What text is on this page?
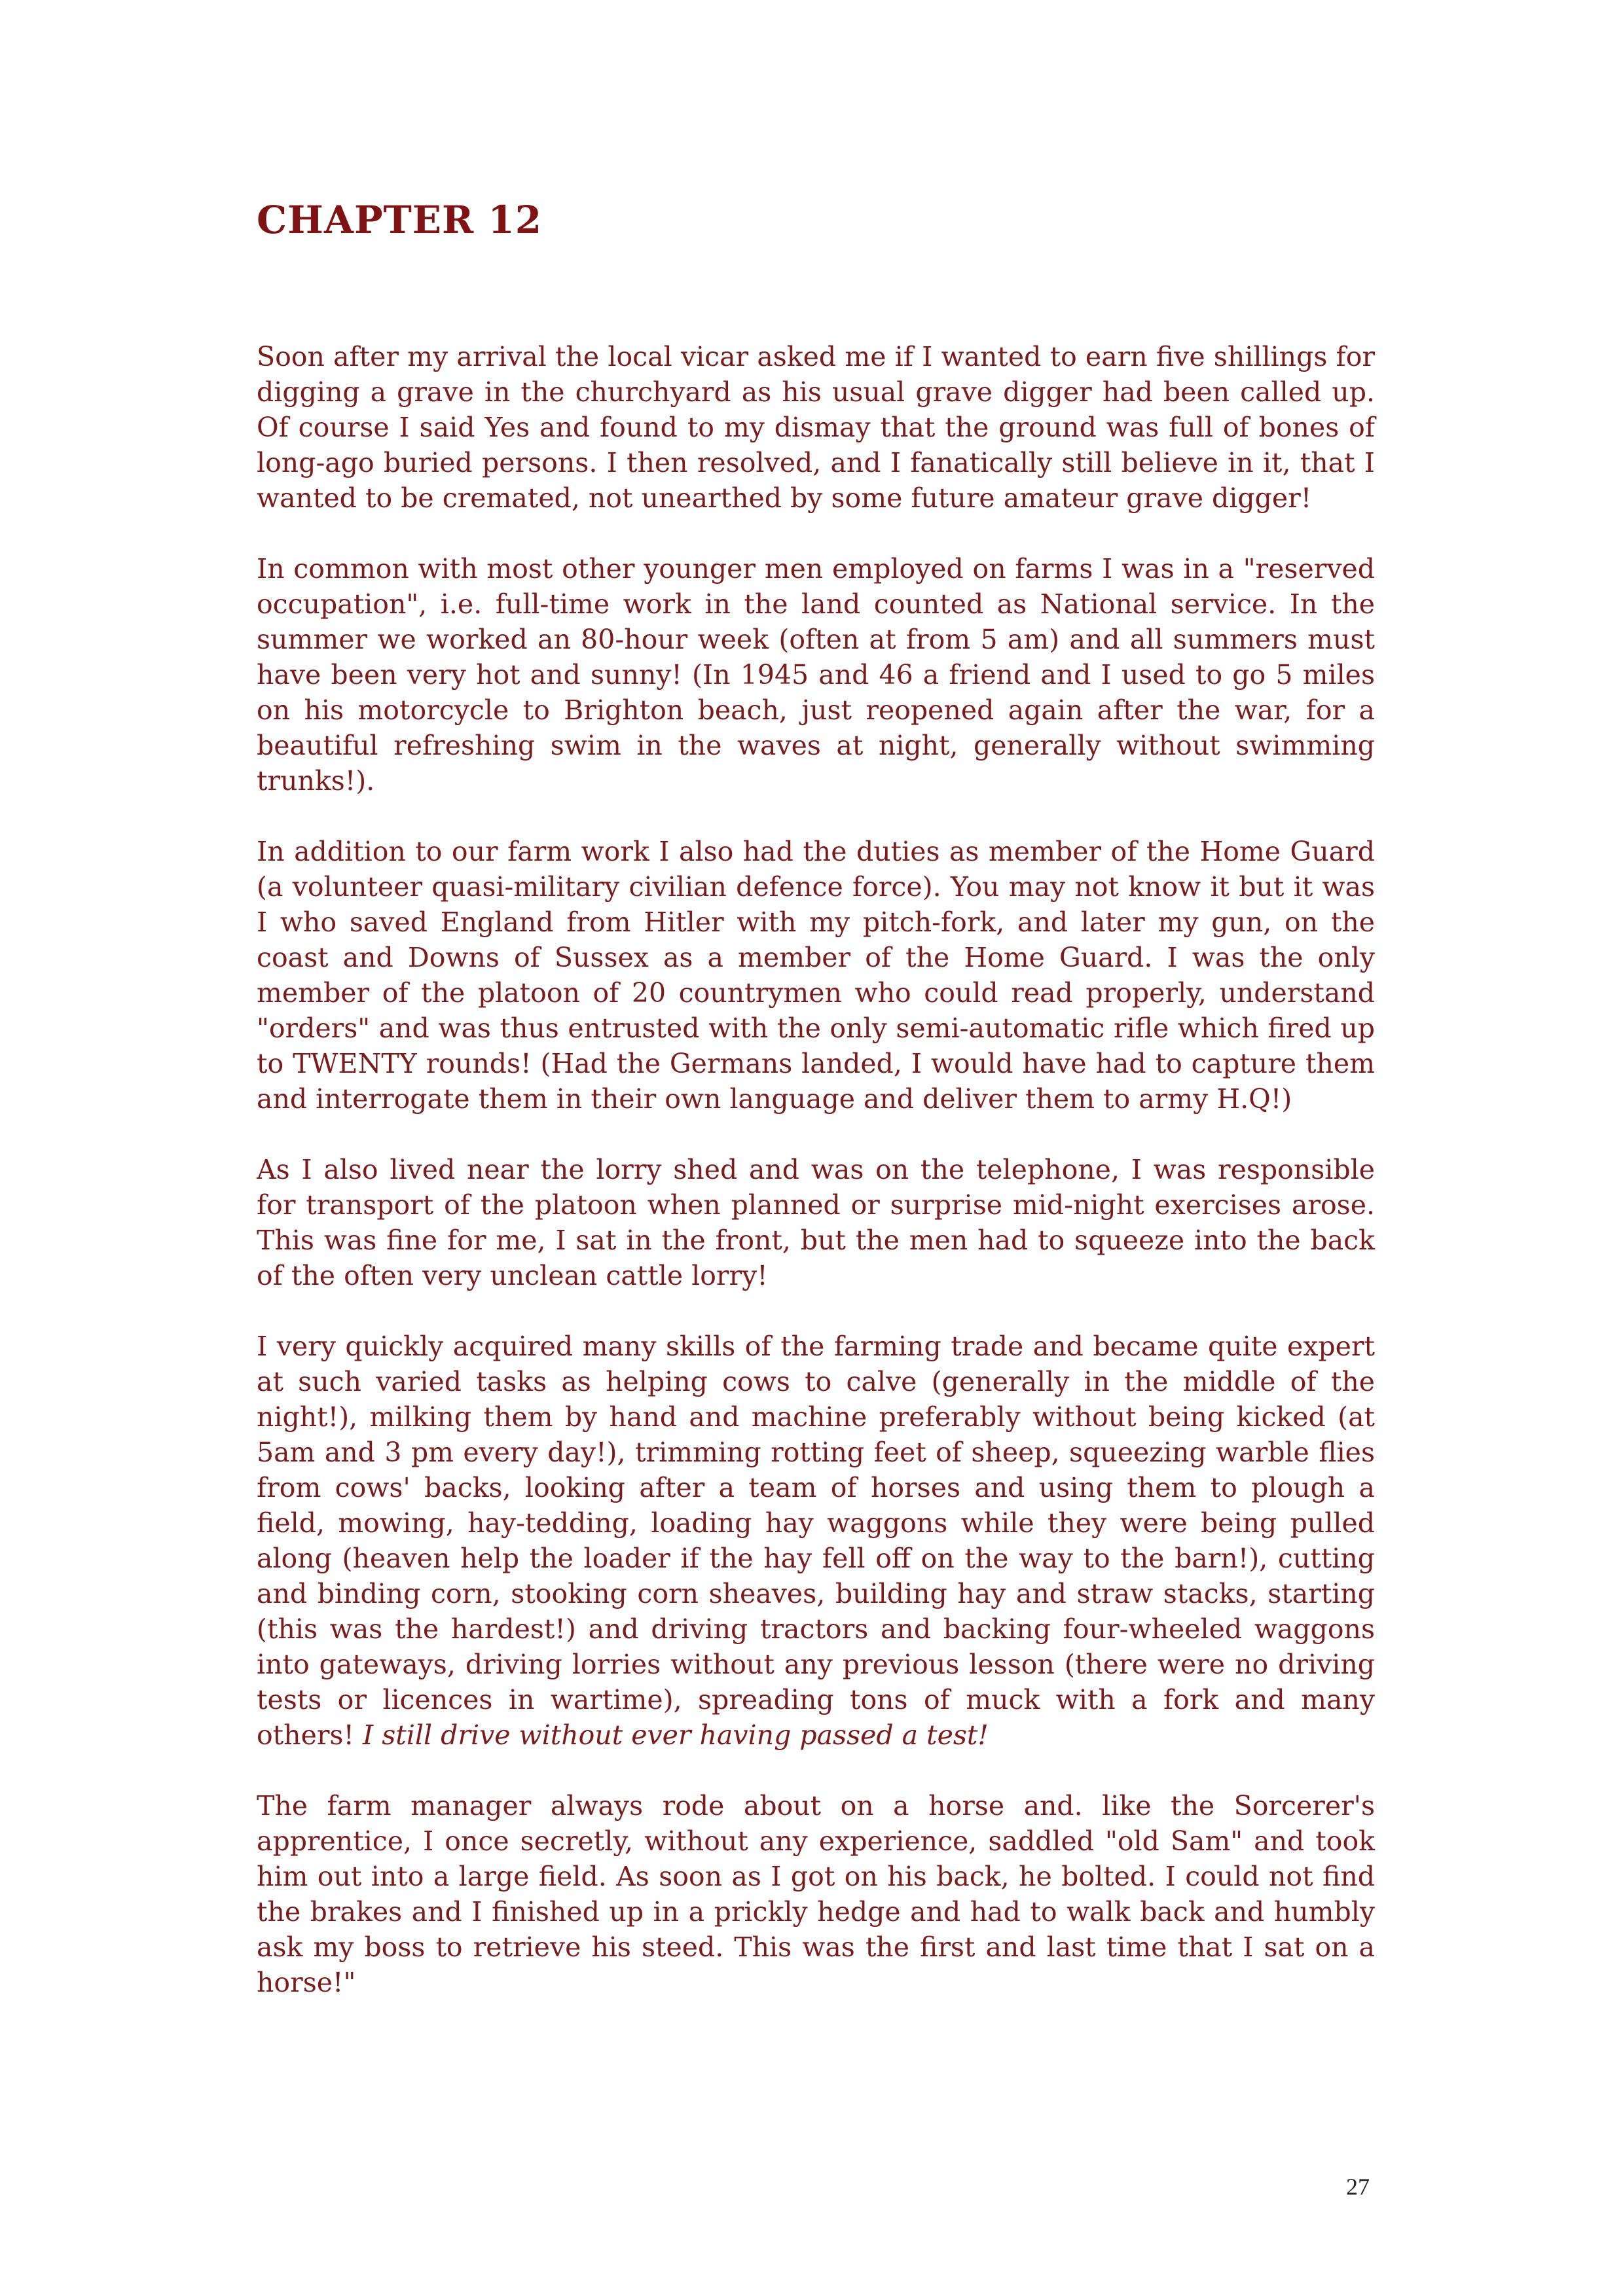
CHAPTER 12

Soon after my arrival the local vicar asked me if I wanted to earn five shillings for digging a grave in the churchyard as his usual grave digger had been called up. Of course I said Yes and found to my dismay that the ground was full of bones of long-ago buried persons. I then resolved, and I fanatically still believe in it, that I wanted to be cremated, not unearthed by some future amateur grave digger!

In common with most other younger men employed on farms I was in a "reserved occupation", i.e. full-time work in the land counted as National service. In the summer we worked an 80-hour week (often at from 5 am) and all summers must have been very hot and sunny! (In 1945 and 46 a friend and I used to go 5 miles on his motorcycle to Brighton beach, just reopened again after the war, for a beautiful refreshing swim in the waves at night, generally without swimming trunks!).

In addition to our farm work I also had the duties as member of the Home Guard (a volunteer quasi-military civilian defence force). You may not know it but it was I who saved England from Hitler with my pitch-fork, and later my gun, on the coast and Downs of Sussex as a member of the Home Guard. I was the only member of the platoon of 20 countrymen who could read properly, understand "orders" and was thus entrusted with the only semi-automatic rifle which fired up to TWENTY rounds! (Had the Germans landed, I would have had to capture them and interrogate them in their own language and deliver them to army H.Q!)

As I also lived near the lorry shed and was on the telephone, I was responsible for transport of the platoon when planned or surprise mid-night exercises arose. This was fine for me, I sat in the front, but the men had to squeeze into the back of the often very unclean cattle lorry!

I very quickly acquired many skills of the farming trade and became quite expert at such varied tasks as helping cows to calve (generally in the middle of the night!), milking them by hand and machine preferably without being kicked (at 5am and 3 pm every day!), trimming rotting feet of sheep, squeezing warble flies from cows' backs, looking after a team of horses and using them to plough a field, mowing, hay-tedding, loading hay waggons while they were being pulled along (heaven help the loader if the hay fell off on the way to the barn!), cutting and binding corn, stooking corn sheaves, building hay and straw stacks, starting (this was the hardest!) and driving tractors and backing four-wheeled waggons into gateways, driving lorries without any previous lesson (there were no driving tests or licences in wartime), spreading tons of muck with a fork and many others! I still drive without ever having passed a test!

The farm manager always rode about on a horse and. like the Sorcerer's apprentice, I once secretly, without any experience, saddled "old Sam" and took him out into a large field. As soon as I got on his back, he bolted. I could not find the brakes and I finished up in a prickly hedge and had to walk back and humbly ask my boss to retrieve his steed. This was the first and last time that I sat on a horse!"

27
